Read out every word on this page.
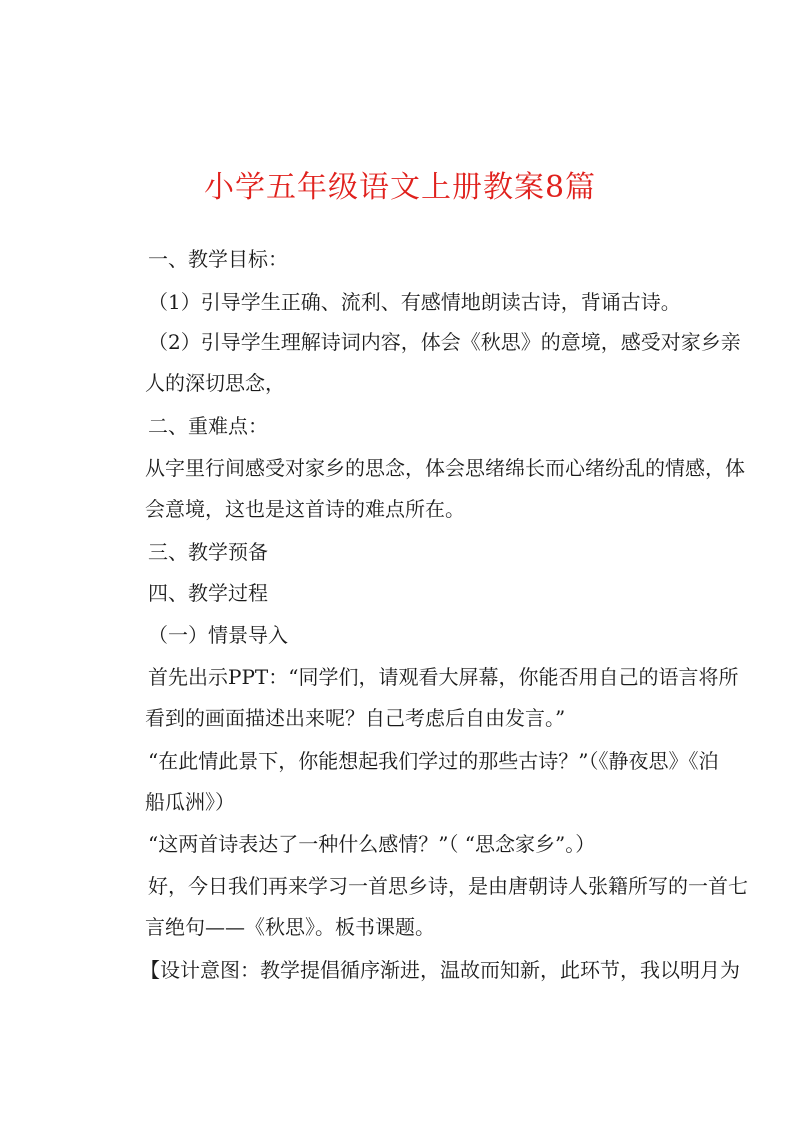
小学五年级语文上册教案8篇
一、教学目标：
（1）引导学生正确、流利、有感情地朗读古诗，背诵古诗。
（2）引导学生理解诗词内容，体会《秋思》的意境，感受对家乡亲
人的深切思念，
二、重难点：
从字里行间感受对家乡的思念，体会思绪绵长而心绪纷乱的情感，体
会意境，这也是这首诗的难点所在。
三、教学预备
四、教学过程
（一）情景导入
首先出示PPT：“同学们，请观看大屏幕，你能否用自己的语言将所
看到的画面描述出来呢？自己考虑后自由发言。”
“在此情此景下，你能想起我们学过的那些古诗？”（《静夜思》《泊
船瓜洲》）
“这两首诗表达了一种什么感情？”（ “思念家乡”。）
好，今日我们再来学习一首思乡诗，是由唐朝诗人张籍所写的一首七
言绝句——《秋思》。板书课题。
【设计意图：教学提倡循序渐进，温故而知新，此环节，我以明月为
